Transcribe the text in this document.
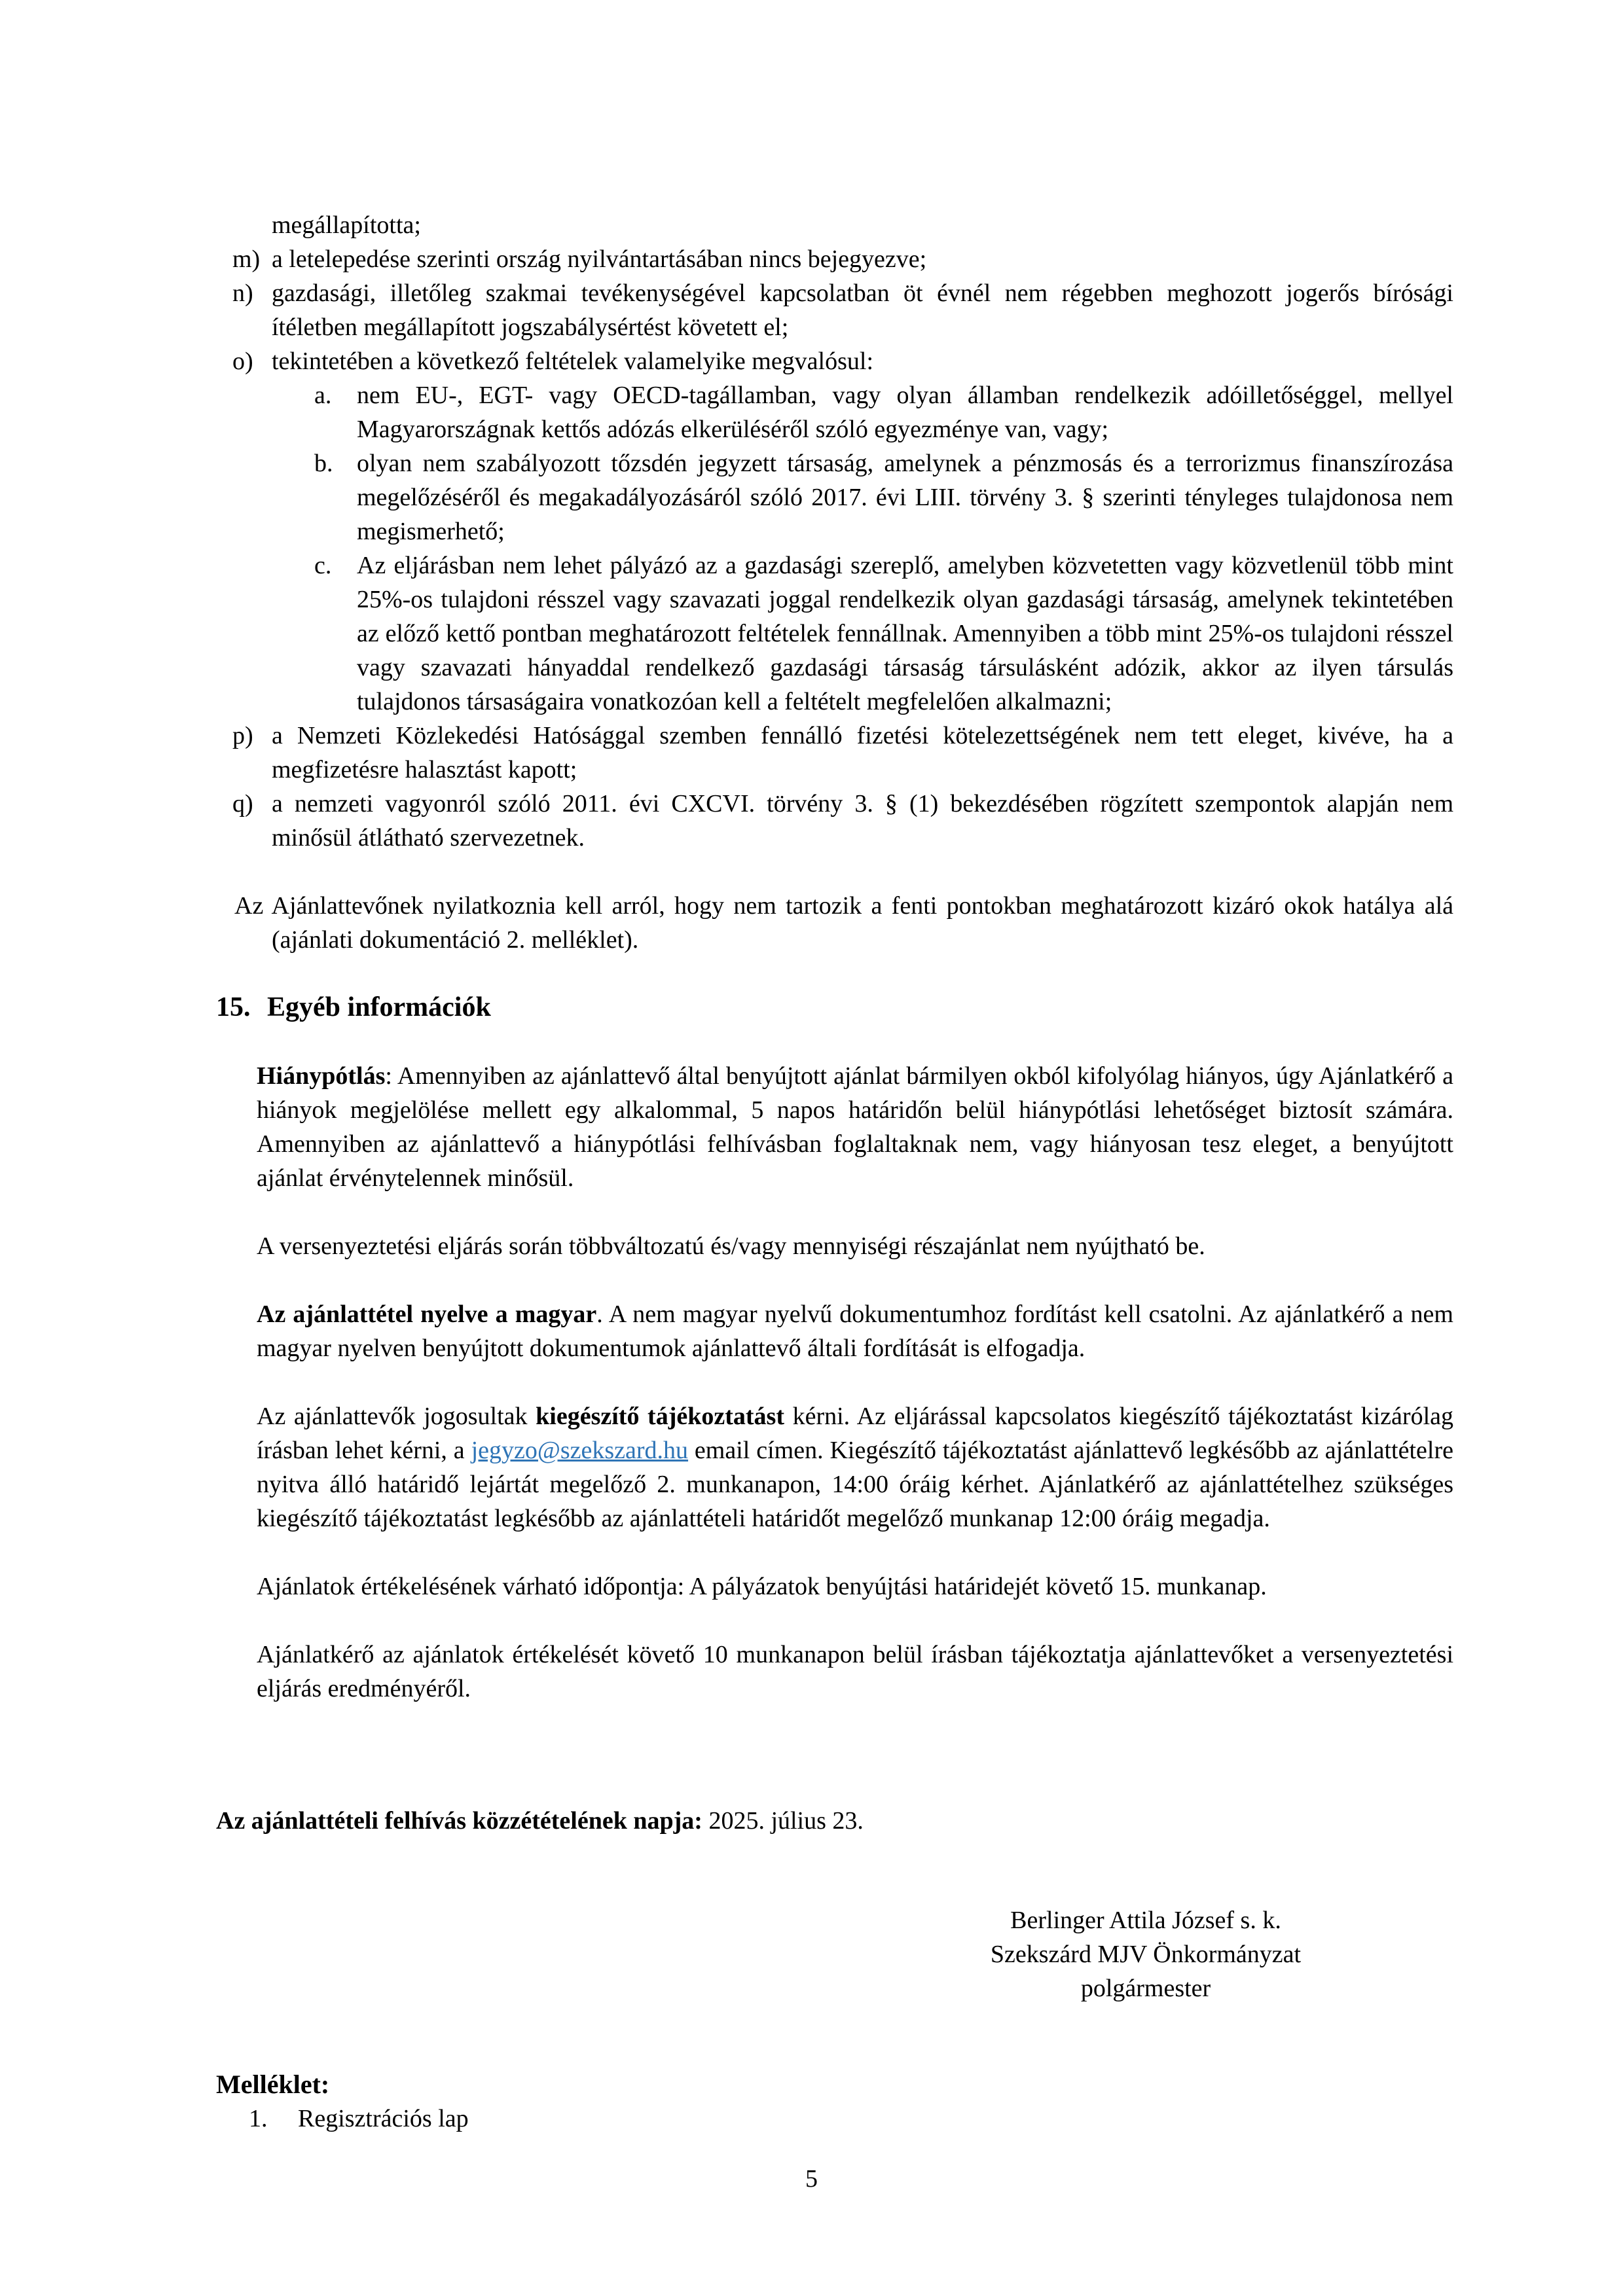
megállapította;
m) a letelepedése szerinti ország nyilvántartásában nincs bejegyezve;
n) gazdasági, illetőleg szakmai tevékenységével kapcsolatban öt évnél nem régebben meghozott jogerős bírósági ítéletben megállapított jogszabálysértést követett el;
o) tekintetében a következő feltételek valamelyike megvalósul:
a. nem EU-, EGT- vagy OECD-tagállamban, vagy olyan államban rendelkezik adóilletőséggel, mellyel Magyarországnak kettős adózás elkerüléséről szóló egyezménye van, vagy;
b. olyan nem szabályozott tőzsdén jegyzett társaság, amelynek a pénzmosás és a terrorizmus finanszírozása megelőzéséről és megakadályozásáról szóló 2017. évi LIII. törvény 3. § szerinti tényleges tulajdonosa nem megismerhető;
c. Az eljárásban nem lehet pályázó az a gazdasági szereplő, amelyben közvetetten vagy közvetlenül több mint 25%-os tulajdoni résszel vagy szavazati joggal rendelkezik olyan gazdasági társaság, amelynek tekintetében az előző kettő pontban meghatározott feltételek fennállnak. Amennyiben a több mint 25%-os tulajdoni résszel vagy szavazati hányaddal rendelkező gazdasági társaság társulásként adózik, akkor az ilyen társulás tulajdonos társaságaira vonatkozóan kell a feltételt megfelelően alkalmazni;
p) a Nemzeti Közlekedési Hatósággal szemben fennálló fizetési kötelezettségének nem tett eleget, kivéve, ha a megfizetésre halasztást kapott;
q) a nemzeti vagyonról szóló 2011. évi CXCVI. törvény 3. § (1) bekezdésében rögzített szempontok alapján nem minősül átlátható szervezetnek.
Az Ajánlattevőnek nyilatkoznia kell arról, hogy nem tartozik a fenti pontokban meghatározott kizáró okok hatálya alá (ajánlati dokumentáció 2. melléklet).
15. Egyéb információk
Hiánypótlás: Amennyiben az ajánlattevő által benyújtott ajánlat bármilyen okból kifolyólag hiányos, úgy Ajánlatkérő a hiányok megjelölése mellett egy alkalommal, 5 napos határidőn belül hiánypótlási lehetőséget biztosít számára. Amennyiben az ajánlattevő a hiánypótlási felhívásban foglaltaknak nem, vagy hiányosan tesz eleget, a benyújtott ajánlat érvénytelennek minősül.
A versenyeztetési eljárás során többváltozatú és/vagy mennyiségi részajánlat nem nyújtható be.
Az ajánlattétel nyelve a magyar. A nem magyar nyelvű dokumentumhoz fordítást kell csatolni. Az ajánlatkérő a nem magyar nyelven benyújtott dokumentumok ajánlattevő általi fordítását is elfogadja.
Az ajánlattevők jogosultak kiegészítő tájékoztatást kérni. Az eljárással kapcsolatos kiegészítő tájékoztatást kizárólag írásban lehet kérni, a jegyzo@szekszard.hu email címen. Kiegészítő tájékoztatást ajánlattevő legkésőbb az ajánlattételre nyitva álló határidő lejártát megelőző 2. munkanapon, 14:00 óráig kérhet. Ajánlatkérő az ajánlattételhez szükséges kiegészítő tájékoztatást legkésőbb az ajánlattételi határidőt megelőző munkanap 12:00 óráig megadja.
Ajánlatok értékelésének várható időpontja: A pályázatok benyújtási határidejét követő 15. munkanap.
Ajánlatkérő az ajánlatok értékelését követő 10 munkanapon belül írásban tájékoztatja ajánlattevőket a versenyeztetési eljárás eredményéről.
Az ajánlattételi felhívás közzétételének napja: 2025. július 23.
Berlinger Attila József s. k.
Szekszárd MJV Önkormányzat
polgármester
Melléklet:
1. Regisztrációs lap
5
